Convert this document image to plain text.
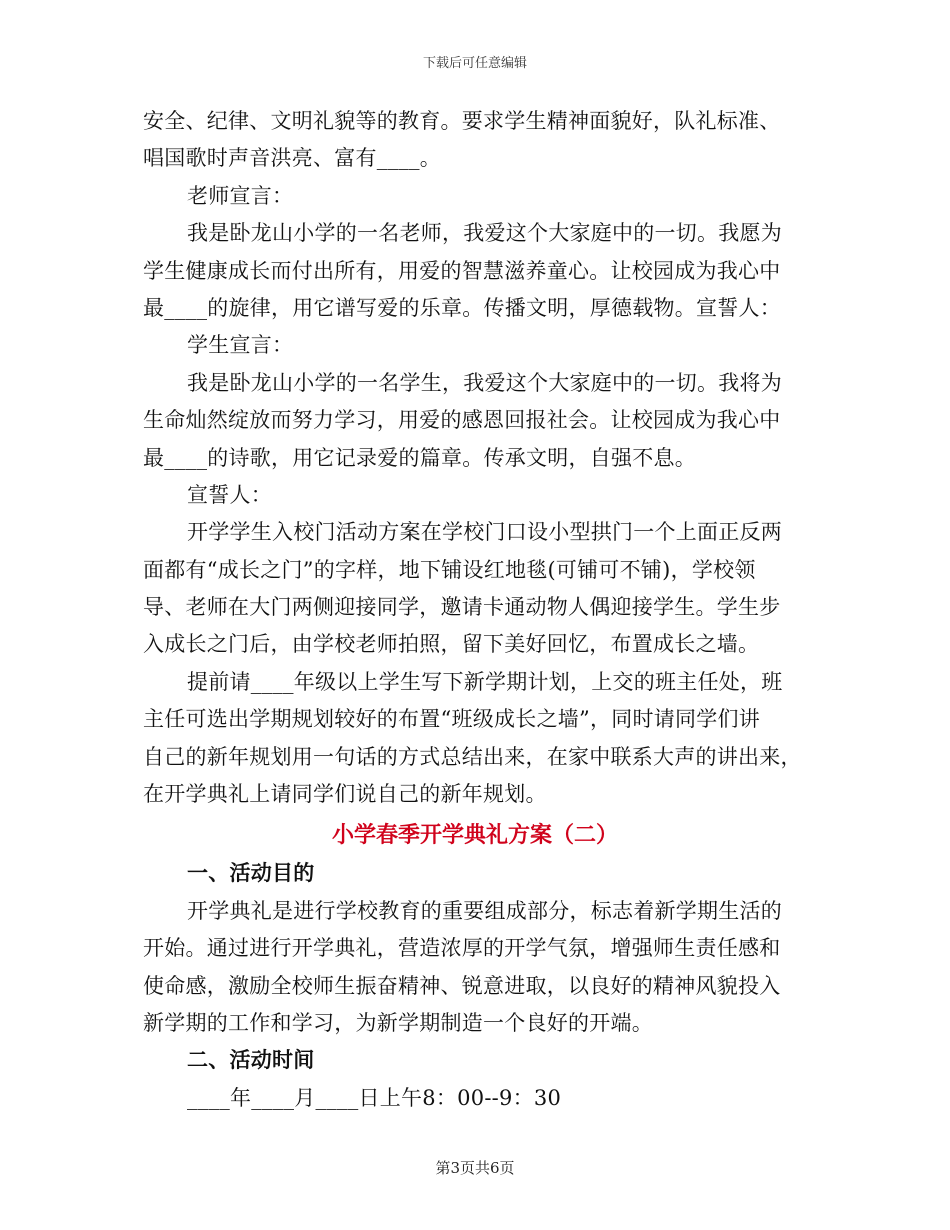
下载后可任意编辑
安全、纪律、文明礼貌等的教育。要求学生精神面貌好，队礼标准、
唱国歌时声音洪亮、富有____。
老师宣言：
我是卧龙山小学的一名老师，我爱这个大家庭中的一切。我愿为
学生健康成长而付出所有，用爱的智慧滋养童心。让校园成为我心中
最____的旋律，用它谱写爱的乐章。传播文明，厚德载物。宣誓人：
学生宣言：
我是卧龙山小学的一名学生，我爱这个大家庭中的一切。我将为
生命灿然绽放而努力学习，用爱的感恩回报社会。让校园成为我心中
最____的诗歌，用它记录爱的篇章。传承文明，自强不息。
宣誓人：
开学学生入校门活动方案在学校门口设小型拱门一个上面正反两
面都有“成长之门”的字样，地下铺设红地毯(可铺可不铺)，学校领
导、老师在大门两侧迎接同学，邀请卡通动物人偶迎接学生。学生步
入成长之门后，由学校老师拍照，留下美好回忆，布置成长之墙。
提前请____年级以上学生写下新学期计划，上交的班主任处，班
主任可选出学期规划较好的布置“班级成长之墙”，同时请同学们讲
自己的新年规划用一句话的方式总结出来，在家中联系大声的讲出来，
在开学典礼上请同学们说自己的新年规划。
小学春季开学典礼方案（二）
一、活动目的
开学典礼是进行学校教育的重要组成部分，标志着新学期生活的
开始。通过进行开学典礼，营造浓厚的开学气氛，增强师生责任感和
使命感，激励全校师生振奋精神、锐意进取，以良好的精神风貌投入
新学期的工作和学习，为新学期制造一个良好的开端。
二、活动时间
____年____月____日上午8：00--9：30
第3页共6页
